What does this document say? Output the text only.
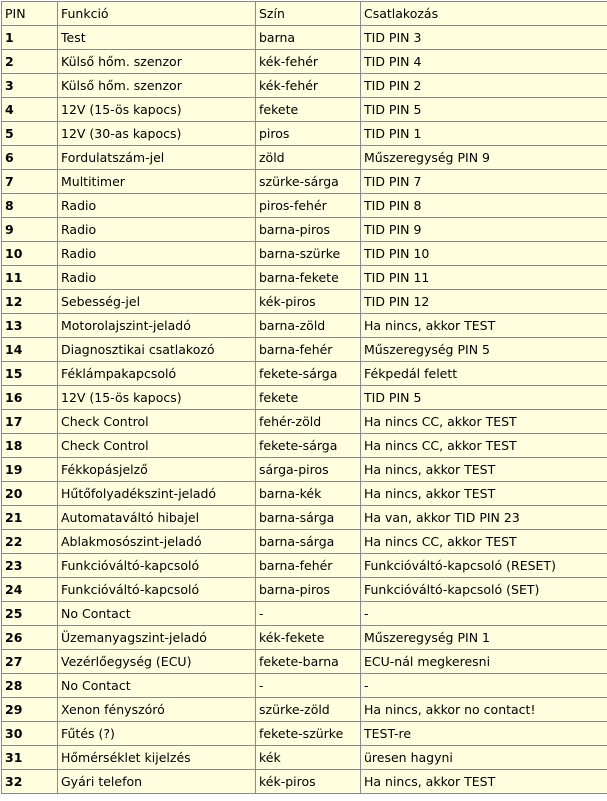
PIN	Funkció	Szín	Csatlakozás
1	Test	barna	TID PIN 3
2	Külső hőm. szenzor	kék-fehér	TID PIN 4
3	Külső hőm. szenzor	kék-fehér	TID PIN 2
4	12V (15-ös kapocs)	fekete	TID PIN 5
5	12V (30-as kapocs)	piros	TID PIN 1
6	Fordulatszám-jel	zöld	Műszeregység PIN 9
7	Multitimer	szürke-sárga	TID PIN 7
8	Radio	piros-fehér	TID PIN 8
9	Radio	barna-piros	TID PIN 9
10	Radio	barna-szürke	TID PIN 10
11	Radio	barna-fekete	TID PIN 11
12	Sebesség-jel	kék-piros	TID PIN 12
13	Motorolajszint-jeladó	barna-zöld	Ha nincs, akkor TEST
14	Diagnosztikai csatlakozó	barna-fehér	Műszeregység PIN 5
15	Féklámpakapcsoló	fekete-sárga	Fékpedál felett
16	12V (15-ös kapocs)	fekete	TID PIN 5
17	Check Control	fehér-zöld	Ha nincs CC, akkor TEST
18	Check Control	fekete-sárga	Ha nincs CC, akkor TEST
19	Fékkopásjelző	sárga-piros	Ha nincs, akkor TEST
20	Hűtőfolyadékszint-jeladó	barna-kék	Ha nincs, akkor TEST
21	Automataváltó hibajel	barna-sárga	Ha van, akkor TID PIN 23
22	Ablakmosószint-jeladó	barna-sárga	Ha nincs CC, akkor TEST
23	Funkcióváltó-kapcsoló	barna-fehér	Funkcióváltó-kapcsoló (RESET)
24	Funkcióváltó-kapcsoló	barna-piros	Funkcióváltó-kapcsoló (SET)
25	No Contact	-	-
26	Üzemanyagszint-jeladó	kék-fekete	Műszeregység PIN 1
27	Vezérlőegység (ECU)	fekete-barna	ECU-nál megkeresni
28	No Contact	-	-
29	Xenon fényszóró	szürke-zöld	Ha nincs, akkor no contact!
30	Fűtés (?)	fekete-szürke	TEST-re
31	Hőmérséklet kijelzés	kék	üresen hagyni
32	Gyári telefon	kék-piros	Ha nincs, akkor TEST
